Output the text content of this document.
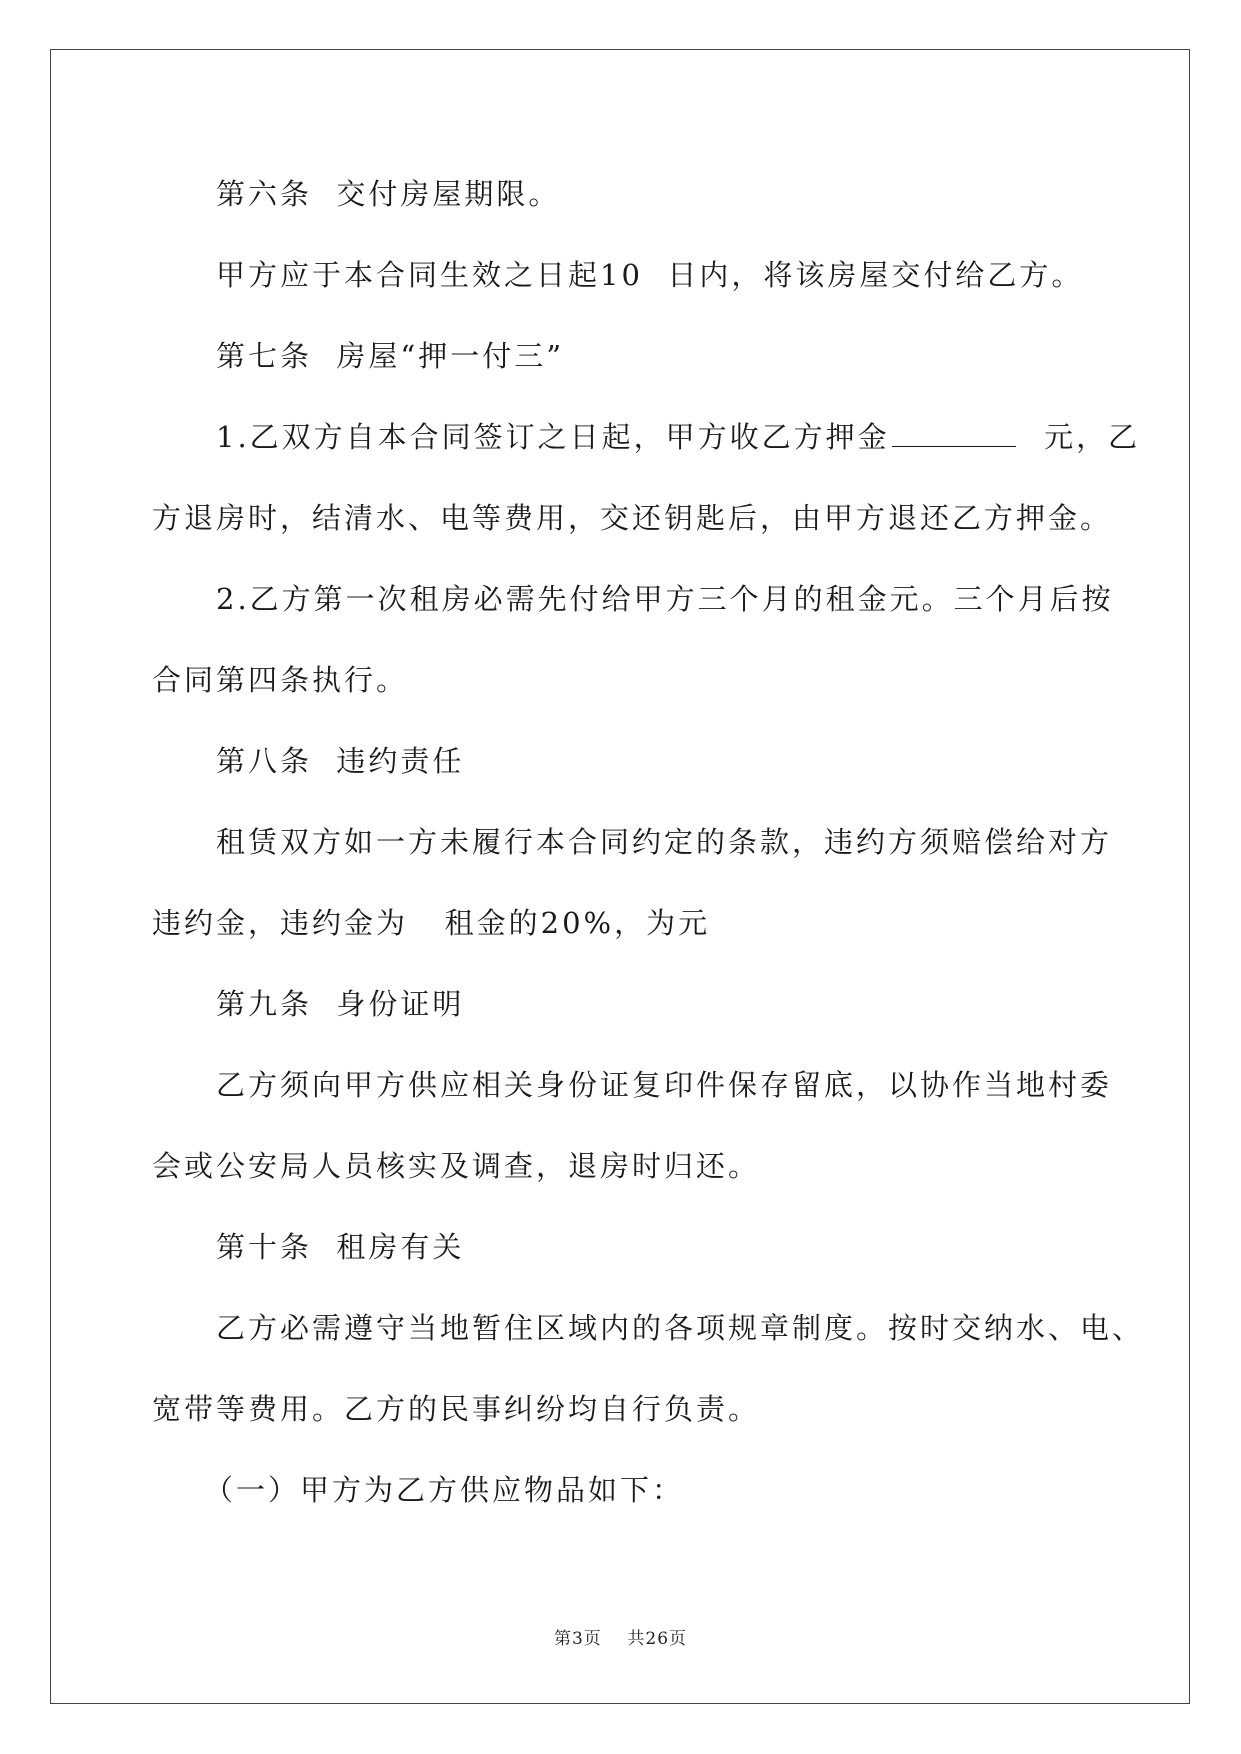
第六条  交付房屋期限。
甲方应于本合同生效之日起10  日内，将该房屋交付给乙方。
第七条  房屋“押一付三”
1.乙双方自本合同签订之日起，甲方收乙方押金	元，乙
方退房时，结清水、电等费用，交还钥匙后，由甲方退还乙方押金。
2.乙方第一次租房必需先付给甲方三个月的租金元。三个月后按
合同第四条执行。
第八条  违约责任
租赁双方如一方未履行本合同约定的条款，违约方须赔偿给对方
违约金，违约金为   租金的20%，为元
第九条  身份证明
乙方须向甲方供应相关身份证复印件保存留底，以协作当地村委
会或公安局人员核实及调查，退房时归还。
第十条  租房有关
乙方必需遵守当地暂住区域内的各项规章制度。按时交纳水、电、
宽带等费用。乙方的民事纠纷均自行负责。
（一）甲方为乙方供应物品如下：
第3页 共26页
